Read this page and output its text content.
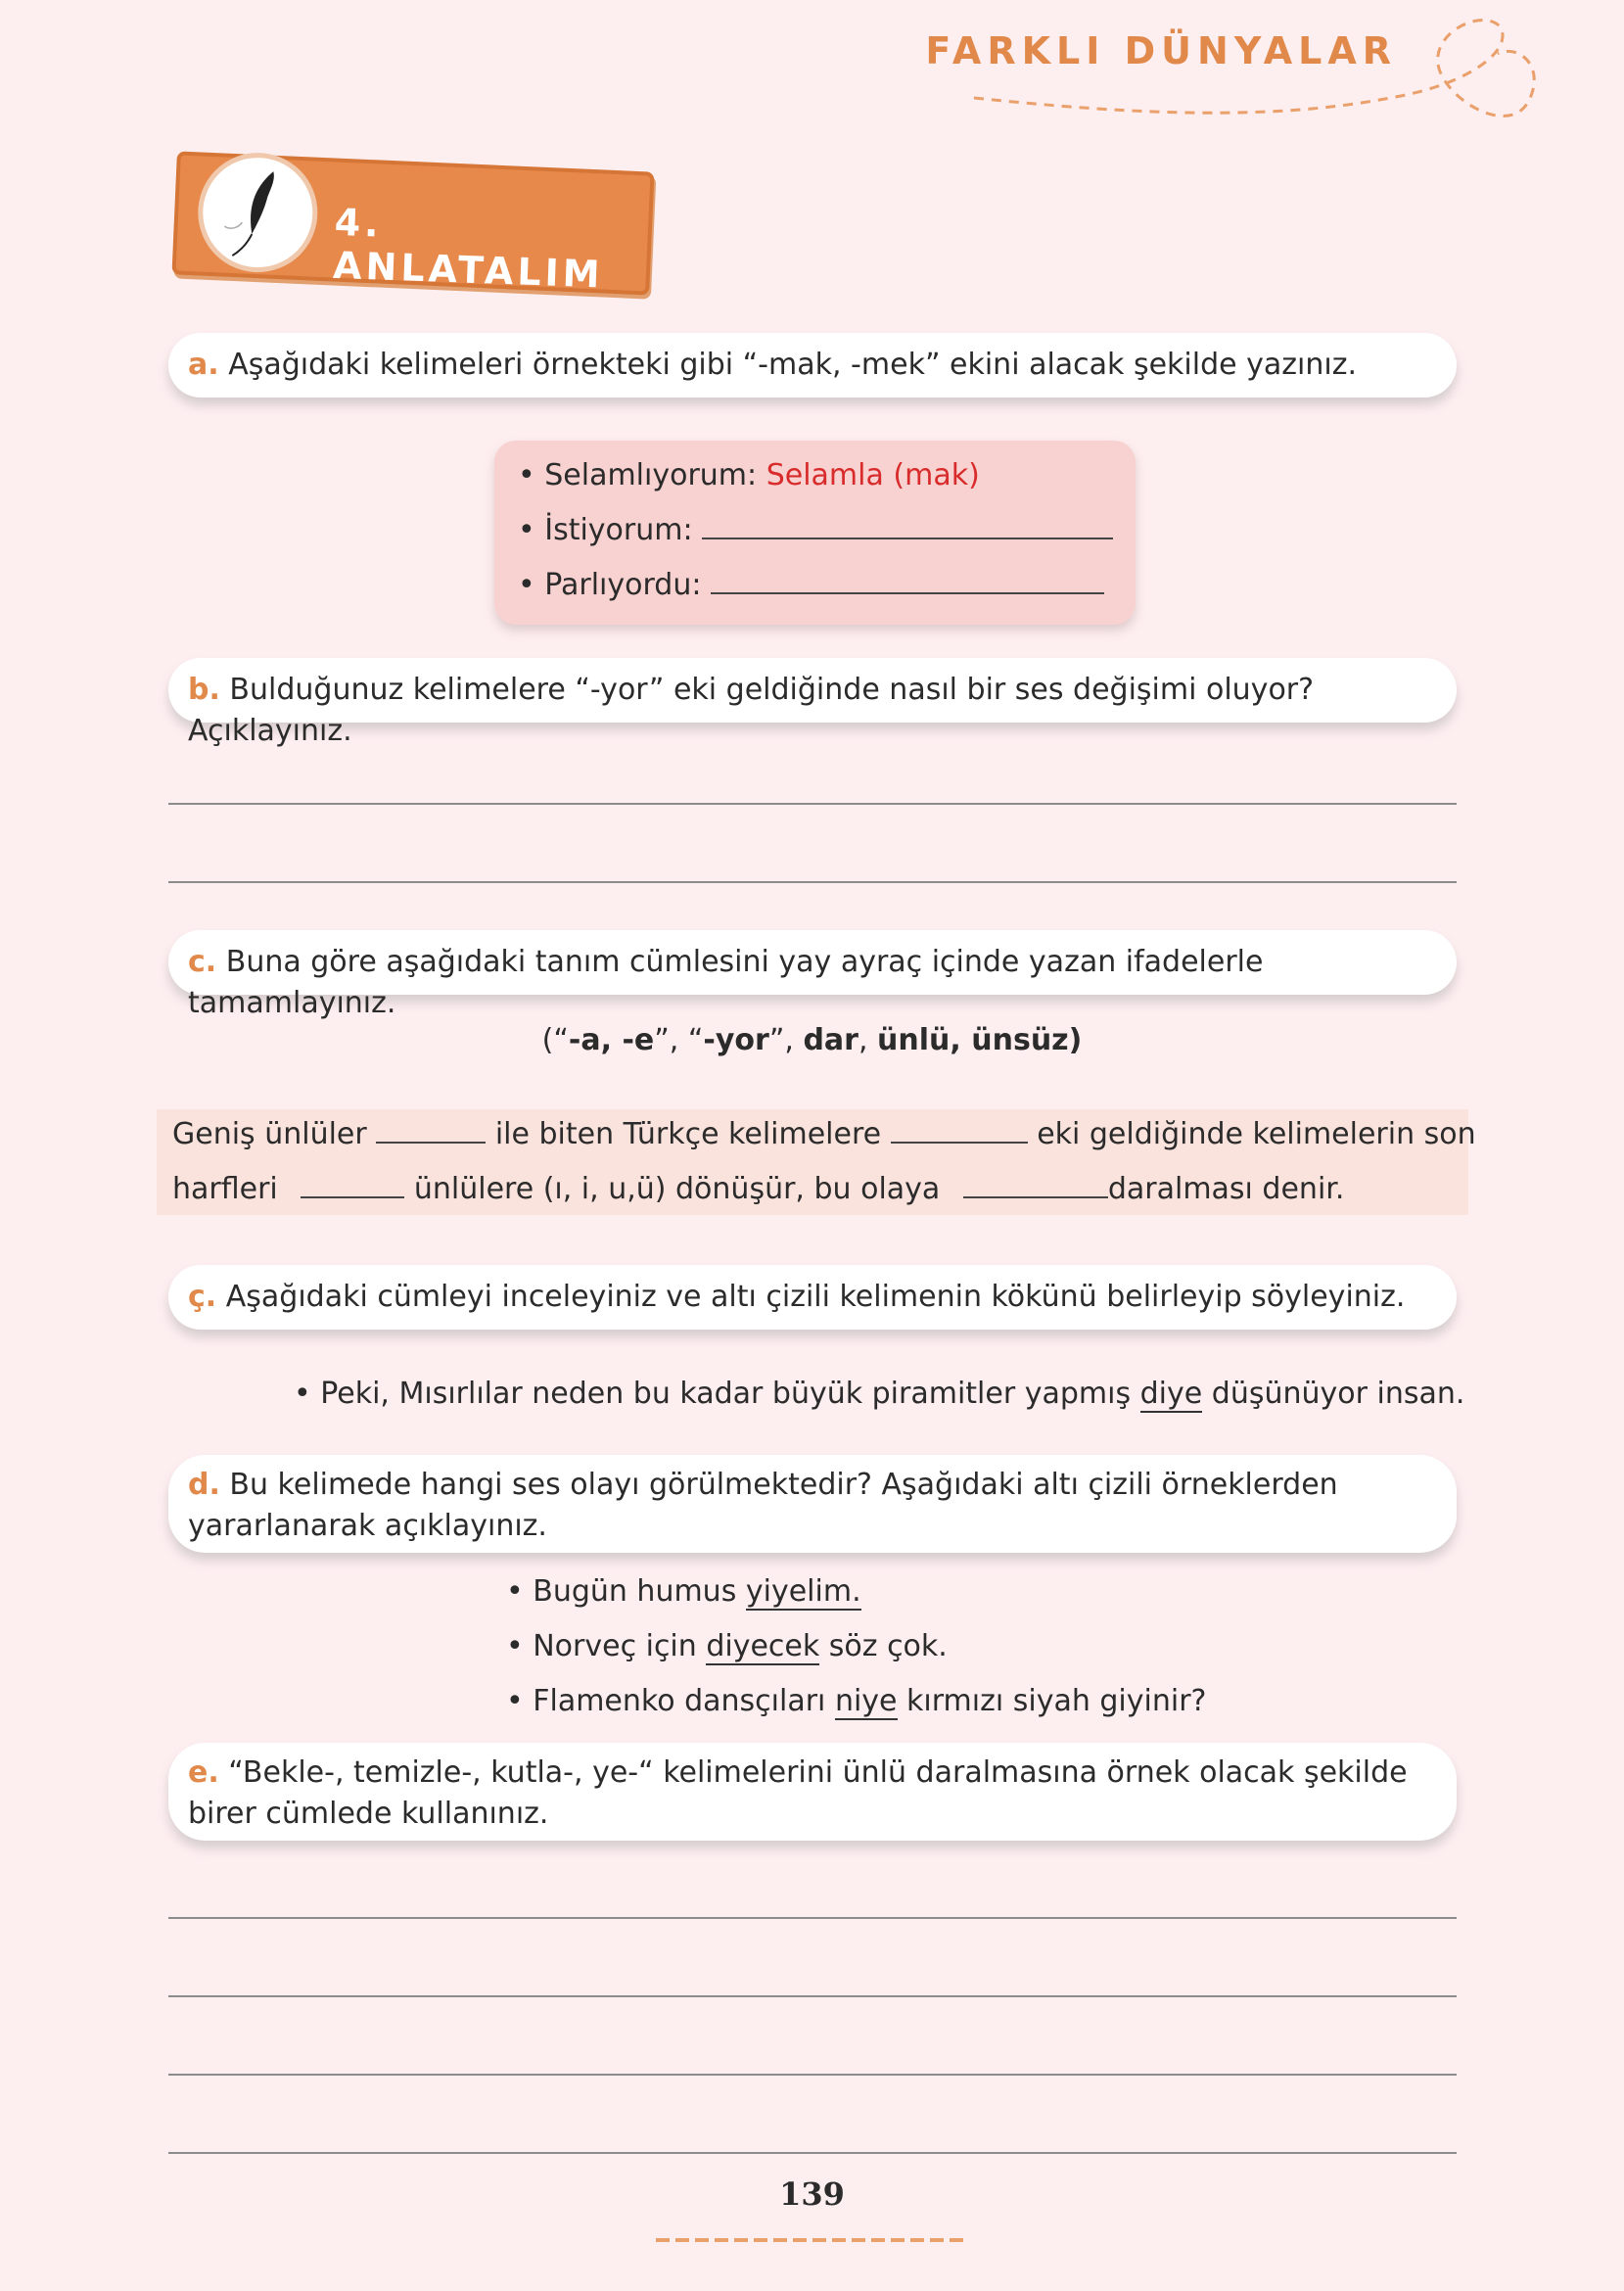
FARKLI DÜNYALAR
4. ANLATALIM
a. Aşağıdaki kelimeleri örnekteki gibi “-mak, -mek” ekini alacak şekilde yazınız.
• Selamlıyorum: Selamla (mak)
• İstiyorum:
• Parlıyordu:
b. Bulduğunuz kelimelere “-yor” eki geldiğinde nasıl bir ses değişimi oluyor? Açıklayınız.
c. Buna göre aşağıdaki tanım cümlesini yay ayraç içinde yazan ifadelerle tamamlayınız.
(“-a, -e”, “-yor”, dar, ünlü, ünsüz)
Geniş ünlüler	ile biten Türkçe kelimelere	eki geldiğinde kelimelerin son
harfleri	ünlülere (ı, i, u,ü) dönüşür, bu olaya	daralması denir.
ç. Aşağıdaki cümleyi inceleyiniz ve altı çizili kelimenin kökünü belirleyip söyleyiniz.
• Peki, Mısırlılar neden bu kadar büyük piramitler yapmış diye düşünüyor insan.
d. Bu kelimede hangi ses olayı görülmektedir? Aşağıdaki altı çizili örneklerden yararlanarak açıklayınız.
• Bugün humus yiyelim.
• Norveç için diyecek söz çok.
• Flamenko dansçıları niye kırmızı siyah giyinir?
e. “Bekle-, temizle-, kutla-, ye-“ kelimelerini ünlü daralmasına örnek olacak şekilde birer cümlede kullanınız.
139
